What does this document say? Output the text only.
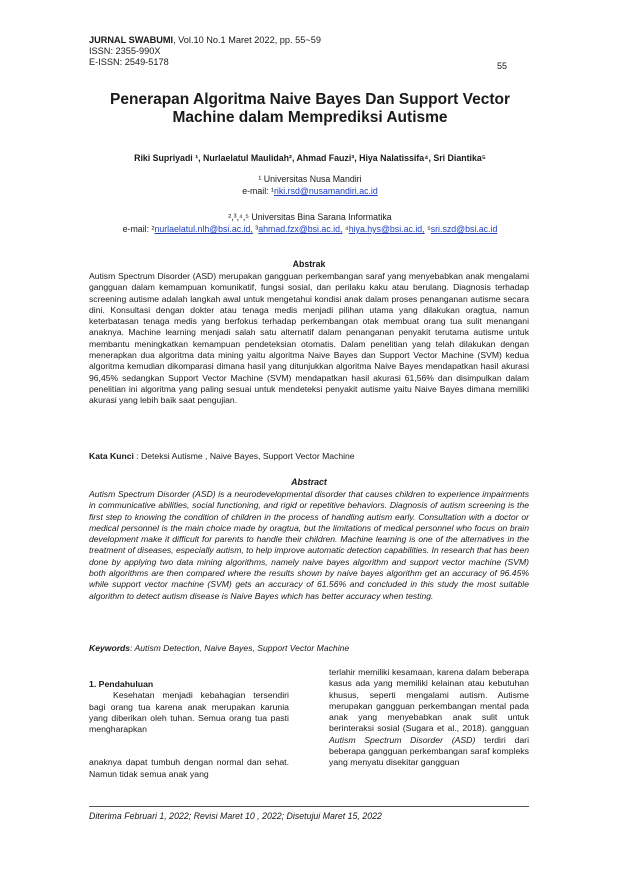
JURNAL SWABUMI, Vol.10 No.1 Maret 2022, pp. 55~59
ISSN: 2355-990X
E-ISSN: 2549-5178	55
Penerapan Algoritma Naive Bayes Dan Support Vector
Machine dalam Memprediksi Autisme
Riki Supriyadi ¹, Nurlaelatul Maulidah², Ahmad Fauzi³, Hiya Nalatissifa⁴, Sri Diantika⁵
¹ Universitas Nusa Mandiri
e-mail: ¹riki.rsd@nusamandiri.ac.id
²,³,⁴,⁵ Universitas Bina Sarana Informatika
e-mail: ²nurlaelatul.nlh@bsi.ac.id, ³ahmad.fzx@bsi.ac.id, ⁴hiya.hys@bsi.ac.id, ⁵sri.szd@bsi.ac.id
Abstrak
Autism Spectrum Disorder (ASD) merupakan gangguan perkembangan saraf yang menyebabkan anak mengalami gangguan dalam kemampuan komunikatif, fungsi sosial, dan perilaku kaku atau berulang. Diagnosis terhadap screening autisme adalah langkah awal untuk mengetahui kondisi anak dalam proses penanganan autisme secara dini. Konsultasi dengan dokter atau tenaga medis menjadi pilihan utama yang dilakukan oragtua, namun keterbatasan tenaga medis yang berfokus terhadap perkembangan otak membuat orang tua sulit menangani anaknya. Machine learning menjadi salah satu alternatif dalam penanganan penyakit terutama autisme untuk membantu meningkatkan kemampuan pendeteksian otomatis. Dalam penelitian yang telah dilakukan dengan menerapkan dua algoritma data mining yaitu algoritma Naive Bayes dan Support Vector Machine (SVM) kedua algoritma kemudian dikomparasi dimana hasil yang ditunjukkan algoritma Naive Bayes mendapatkan hasil akurasi 96,45% sedangkan Support Vector Machine (SVM) mendapatkan hasil akurasi 61,56% dan disimpulkan dalam penelitian ini algoritma yang paling sesuai untuk mendeteksi penyakit autisme yaitu Naive Bayes dimana memiliki akurasi yang lebih baik saat pengujian.
Kata Kunci : Deteksi Autisme , Naive Bayes, Support Vector Machine
Abstract
Autism Spectrum Disorder (ASD) is a neurodevelopmental disorder that causes children to experience impairments in communicative abilities, social functioning, and rigid or repetitive behaviors. Diagnosis of autism screening is the first step to knowing the condition of children in the process of handling autism early. Consultation with a doctor or medical personnel is the main choice made by oragtua, but the limitations of medical personnel who focus on brain development make it difficult for parents to handle their children. Machine learning is one of the alternatives in the treatment of diseases, especially autism, to help improve automatic detection capabilities. In research that has been done by applying two data mining algorithms, namely naive bayes algorithm and support vector machine (SVM) both algorithms are then compared where the results shown by naive bayes algorithm get an accuracy of 96.45% while support vector machine (SVM) gets an accuracy of 61.56% and concluded in this study the most suitable algorithm to detect autism disease is Naive Bayes which has better accuracy when testing.
Keywords: Autism Detection, Naive Bayes, Support Vector Machine
1. Pendahuluan
Kesehatan menjadi kebahagian tersendiri bagi orang tua karena anak merupakan karunia yang diberikan oleh tuhan. Semua orang tua pasti mengharapkan
anaknya dapat tumbuh dengan normal dan sehat. Namun tidak semua anak yang
terlahir memiliki kesamaan, karena dalam beberapa kasus ada yang memiliki kelainan atau kebutuhan khusus, seperti mengalami autism. Autisme merupakan gangguan perkembangan mental pada anak yang menyebabkan anak sulit untuk berinteraksi sosial (Sugara et al., 2018). gangguan Autism Spectrum Disorder (ASD) terdiri dari beberapa gangguan perkembangan saraf kompleks yang menyatu disekitar gangguan
Diterima Februari 1, 2022; Revisi Maret 10 , 2022; Disetujui Maret 15, 2022
